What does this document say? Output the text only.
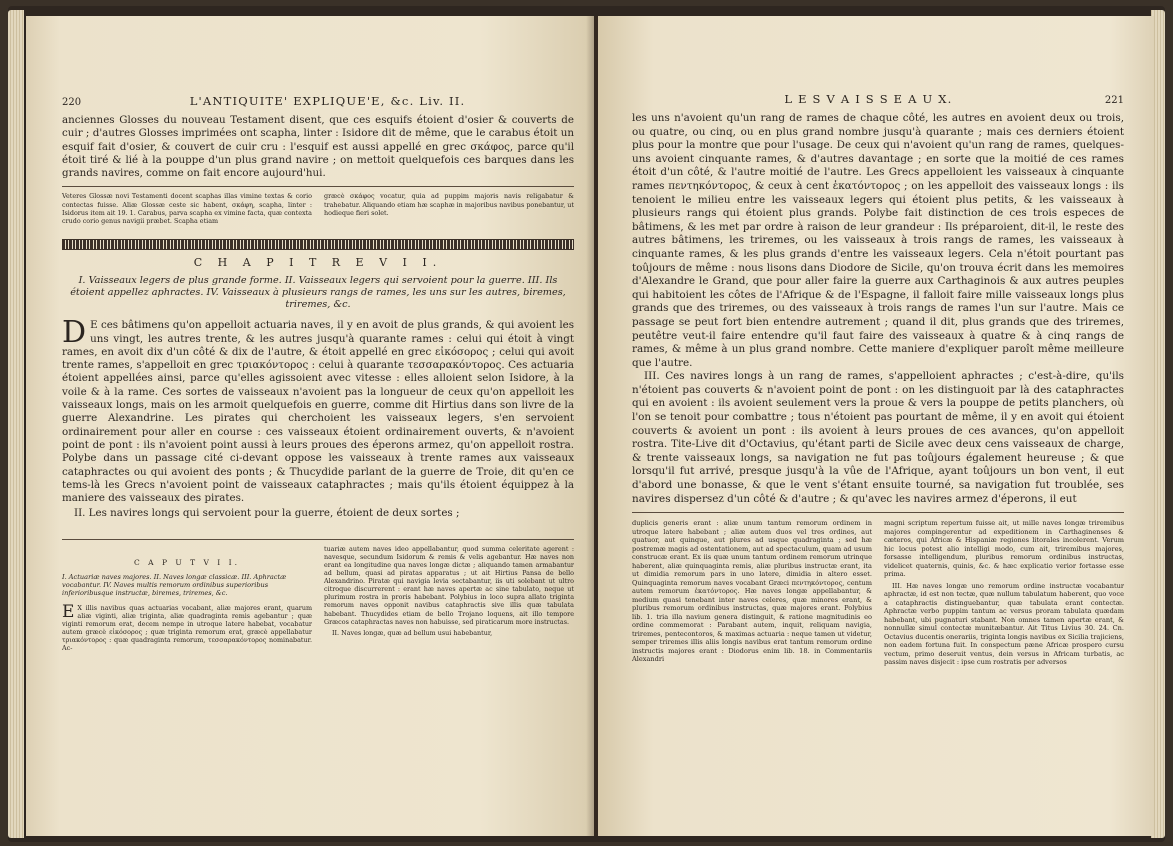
220	L'ANTIQUITE' EXPLIQUE'E, &c. Liv. II.

anciennes Glosses du nouveau Testament disent, que ces esquifs étoient d'osier & couverts de cuir ; d'autres Glosses imprimées ont scapha, linter : Isidore dit de même, que le carabus étoit un esquif fait d'osier, & couvert de cuir cru : l'esquif est aussi appellé en grec σκάφος, parce qu'il étoit tiré & lié à la pouppe d'un plus grand navire ; on mettoit quelquefois ces barques dans les grands navires, comme on fait encore aujourd'hui.

Veteres Glossæ novi Testamenti docent scaphas illas vimine textas & corio contectas fuisse. Aliæ Glossæ ceste sic habent, σκάφη, scapha, linter : Isidorus item ait 19. 1. Carabus, parva scapha ex vimine facta, quæ contexta crudo corio genus navigii præbet. Scapha etiam

græcè σκάφος vocatur, quia ad puppim majoris navis religabatur & trahebatur. Aliquando etiam hæ scaphæ in majoribus navibus ponebantur, ut hodieque fieri solet.

C H A P I T R E V I I.
I. Vaisseaux legers de plus grande forme. II. Vaisseaux legers qui servoient pour la guerre. III. Ils étoient appellez aphractes. IV. Vaisseaux à plusieurs rangs de rames, les uns sur les autres, biremes, triremes, &c.
D E ces bâtimens qu'on appelloit actuaria naves, il y en avoit de plus grands, & qui avoient les uns vingt, les autres trente, & les autres jusqu'à quarante rames : celui qui étoit à vingt rames, en avoit dix d'un côté & dix de l'autre, & étoit appellé en grec εἰκόσορος ; celui qui avoit trente rames, s'appelloit en grec τριακόντορος : celui à quarante τεσσαρακόντορος. Ces actuaria étoient appellées ainsi, parce qu'elles agissoient avec vitesse : elles alloient selon Isidore, à la voile & à la rame. Ces sortes de vaisseaux n'avoient pas la longueur de ceux qu'on appelloit les vaisseaux longs, mais on les armoit quelquefois en guerre, comme dit Hirtius dans son livre de la guerre Alexandrine. Les pirates qui cherchoient les vaisseaux legers, s'en servoient ordinairement pour aller en course : ces vaisseaux étoient ordinairement ouverts, & n'avoient point de pont : ils n'avoient point aussi à leurs proues des éperons armez, qu'on appelloit rostra. Polybe dans un passage cité ci-devant oppose les vaisseaux à trente rames aux vaisseaux cataphractes ou qui avoient des ponts ; & Thucydide parlant de la guerre de Troie, dit qu'en ce tems-là les Grecs n'avoient point de vaisseaux cataphractes ; mais qu'ils étoient équippez à la maniere des vaisseaux des pirates.

II. Les navires longs qui servoient pour la guerre, étoient de deux sortes ;

C A P U T V I I.
I. Actuariæ naves majores. II. Naves longæ classicæ. III. Aphractæ vocabantur. IV. Naves multis remorum ordinibus superioribus inferioribusque instructæ, biremes, triremes, &c.
E X illis navibus quas actuarias vocabant, aliæ majores erant, quarum aliæ viginti, aliæ triginta, aliæ quadraginta remis agebantur ; quæ viginti remorum erat, decem nempe in utroque latere habebat, vocabatur autem græcè εἰκόσορος ; quæ triginta remorum erat, græcè appellabatur τριακόντορος : quæ quadraginta remorum, τεσσαρακόντορος nominabatur. Ac-

tuariæ autem naves ideo appellabantur, quod summa celeritate agerent : navesque, secundum Isidorum & remis & velis agebantur. Hæ naves non erant ea longitudine qua naves longæ dictæ ; aliquando tamen armabantur ad bellum, quasi ad piratas apparatus ; ut ait Hirtius Pansa de bello Alexandrino. Piratæ qui navigia levia sectabantur, iis uti solebant ut ultro citroque discurrerent : erant hæ naves apertæ ac sine tabulato, neque ut plurimum rostra in proris habebant. Polybius in loco supra allato triginta remorum naves opponit navibus cataphractis sive illis quæ tabulata habebant. Thucydides etiam de bello Trojano loquens, ait illo tempore Græcos cataphractas naves non habuisse, sed piraticarum more instructas.

II. Naves longæ, quæ ad bellum usui habebantur,

L E S V A I S S E A U X.	221

les uns n'avoient qu'un rang de rames de chaque côté, les autres en avoient deux ou trois, ou quatre, ou cinq, ou en plus grand nombre jusqu'à quarante ; mais ces derniers étoient plus pour la montre que pour l'usage. De ceux qui n'avoient qu'un rang de rames, quelques-uns avoient cinquante rames, & d'autres davantage ; en sorte que la moitié de ces rames étoit d'un côté, & l'autre moitié de l'autre. Les Grecs appelloient les vaisseaux à cinquante rames πεντηκόντορος, & ceux à cent ἑκατόντορος ; on les appelloit des vaisseaux longs : ils tenoient le milieu entre les vaisseaux legers qui étoient plus petits, & les vaisseaux à plusieurs rangs qui étoient plus grands. Polybe fait distinction de ces trois especes de bâtimens, & les met par ordre à raison de leur grandeur : Ils préparoient, dit-il, le reste des autres bâtimens, les triremes, ou les vaisseaux à trois rangs de rames, les vaisseaux à cinquante rames, & les plus grands d'entre les vaisseaux legers. Cela n'étoit pourtant pas toûjours de même : nous lisons dans Diodore de Sicile, qu'on trouva écrit dans les memoires d'Alexandre le Grand, que pour aller faire la guerre aux Carthaginois & aux autres peuples qui habitoient les côtes de l'Afrique & de l'Espagne, il falloit faire mille vaisseaux longs plus grands que des triremes, ou des vaisseaux à trois rangs de rames l'un sur l'autre. Mais ce passage se peut fort bien entendre autrement ; quand il dit, plus grands que des triremes, peutêtre veut-il faire entendre qu'il faut faire des vaisseaux à quatre & à cinq rangs de rames, & même à un plus grand nombre. Cette maniere d'expliquer paroît même meilleure que l'autre.

III. Ces navires longs à un rang de rames, s'appelloient aphractes ; c'est-à-dire, qu'ils n'étoient pas couverts & n'avoient point de pont : on les distinguoit par là des cataphractes qui en avoient : ils avoient seulement vers la proue & vers la pouppe de petits planchers, où l'on se tenoit pour combattre ; tous n'étoient pas pourtant de même, il y en avoit qui étoient couverts & avoient un pont : ils avoient à leurs proues de ces avances, qu'on appelloit rostra. Tite-Live dit d'Octavius, qu'étant parti de Sicile avec deux cens vaisseaux de charge, & trente vaisseaux longs, sa navigation ne fut pas toûjours également heureuse ; & que lorsqu'il fut arrivé, presque jusqu'à la vûe de l'Afrique, ayant toûjours un bon vent, il eut d'abord une bonasse, & que le vent s'étant ensuite tourné, sa navigation fut troublée, ses navires dispersez d'un côté & d'autre ; & qu'avec les navires armez d'éperons, il eut

duplicis generis erant : aliæ unum tantum remorum ordinem in utroque latere habebant ; aliæ autem duos vel tres ordines, aut quatuor, aut quinque, aut plures ad usque quadraginta ; sed hæ postremæ magis ad ostentationem, aut ad spectaculum, quam ad usum construcæ erant. Ex iis quæ unum tantum ordinem remorum utrinque haberent, aliæ quinquaginta remis, aliæ pluribus instructæ erant, ita ut dimidia remorum pars in uno latere, dimidia in altero esset. Quinquaginta remorum naves vocabant Græci πεντηκόντορος, centum autem remorum ἑκατόντορος. Hæ naves longæ appellabantur, & medium quasi tenebant inter naves celeres, quæ minores erant, & pluribus remorum ordinibus instructas, quæ majores erant. Polybius lib. 1. tria illa navium genera distinguit, & ratione magnitudinis eo ordine commemorat : Parabant autem, inquit, reliquam navigia, triremes, pentecontoros, & maximas actuaria : neque tamen ut videtur, semper triremes illis aliis longis navibus erat tantum remorum ordine instructis majores erant : Diodorus enim lib. 18. in Commentariis Alexandri

magni scriptum repertum fuisse ait, ut mille naves longæ triremibus majores compingerentur ad expeditionem in Carthaginenses & cæteros, qui Africæ & Hispaniæ regiones litorales incolerent. Verum hic locus potest alio intelligi modo, cum ait, triremibus majores, forsasse intelligendum, pluribus remorum ordinibus instructas, videlicet quaternis, quinis, &c. & hæc explicatio verior fortasse esse prima.

III. Hæ naves longæ uno remorum ordine instructæ vocabantur aphractæ, id est non tectæ, quæ nullum tabulatum haberent, quo voce a cataphractis distinguebantur, quæ tabulata erant contectæ. Aphractæ verbo puppim tantum ac versus proram tabulata quædam habebant, ubi pugnaturi stabant. Non omnes tamen apertæ erant, & nonnullæ simul contectæ munitæbantur. Ait Titus Livius 30. 24. Cn. Octavius ducentis onerariis, triginta longis navibus ex Sicilia trajiciens, non eadem fortuna fuit. In conspectum pæne Africæ prospero cursu vectum, primo deseruit ventus, dein versus in Africam turbatis, ac passim naves disjecit : ipse cum rostratis per adversos
